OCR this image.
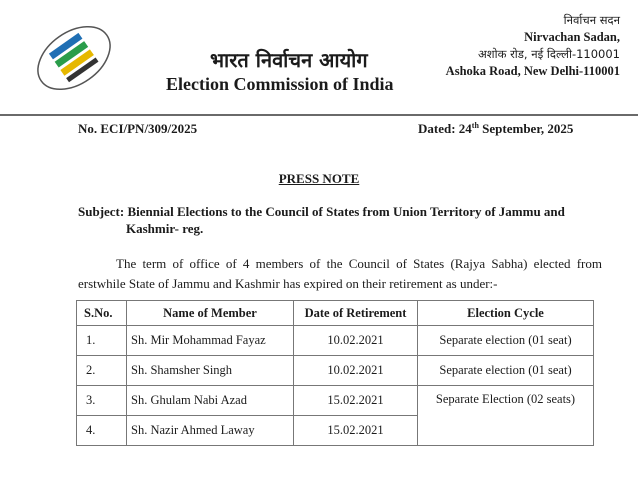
भारत निर्वाचन आयोग
Election Commission of India
निर्वाचन सदन
Nirvachan Sadan,
अशोक रोड, नई दिल्ली-110001
Ashoka Road, New Delhi-110001
No. ECI/PN/309/2025	Dated: 24th September, 2025
PRESS NOTE
Subject: Biennial Elections to the Council of States from Union Territory of Jammu and
Kashmir- reg.
The term of office of 4 members of the Council of States (Rajya Sabha) elected from erstwhile State of Jammu and Kashmir has expired on their retirement as under:-
S.No.	Name of Member	Date of Retirement	Election Cycle
1.	Sh. Mir Mohammad Fayaz	10.02.2021	Separate election (01 seat)
2.	Sh. Shamsher Singh	10.02.2021	Separate election (01 seat)
3.	Sh. Ghulam Nabi Azad	15.02.2021	Separate Election (02 seats)
4.	Sh. Nazir Ahmed Laway	15.02.2021	
